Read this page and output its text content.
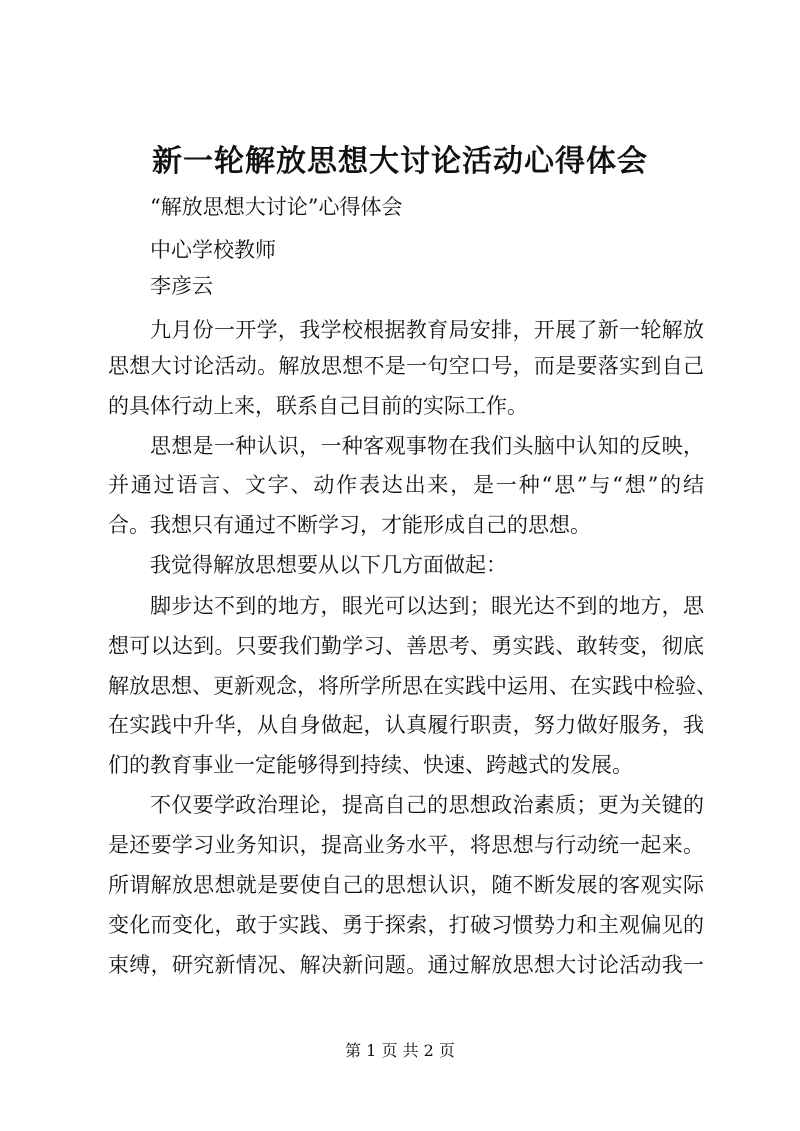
新一轮解放思想大讨论活动心得体会
“解放思想大讨论”心得体会
中心学校教师
李彦云
九月份一开学，我学校根据教育局安排，开展了新一轮解放
思想大讨论活动。解放思想不是一句空口号，而是要落实到自己
的具体行动上来，联系自己目前的实际工作。
思想是一种认识，一种客观事物在我们头脑中认知的反映，
并通过语言、文字、动作表达出来，是一种“思”与“想”的结
合。我想只有通过不断学习，才能形成自己的思想。
我觉得解放思想要从以下几方面做起：
脚步达不到的地方，眼光可以达到；眼光达不到的地方，思
想可以达到。只要我们勤学习、善思考、勇实践、敢转变，彻底
解放思想、更新观念，将所学所思在实践中运用、在实践中检验、
在实践中升华，从自身做起，认真履行职责，努力做好服务，我
们的教育事业一定能够得到持续、快速、跨越式的发展。
不仅要学政治理论，提高自己的思想政治素质；更为关键的
是还要学习业务知识，提高业务水平，将思想与行动统一起来。
所谓解放思想就是要使自己的思想认识，随不断发展的客观实际
变化而变化，敢于实践、勇于探索，打破习惯势力和主观偏见的
束缚，研究新情况、解决新问题。通过解放思想大讨论活动我一
第 1 页 共 2 页
